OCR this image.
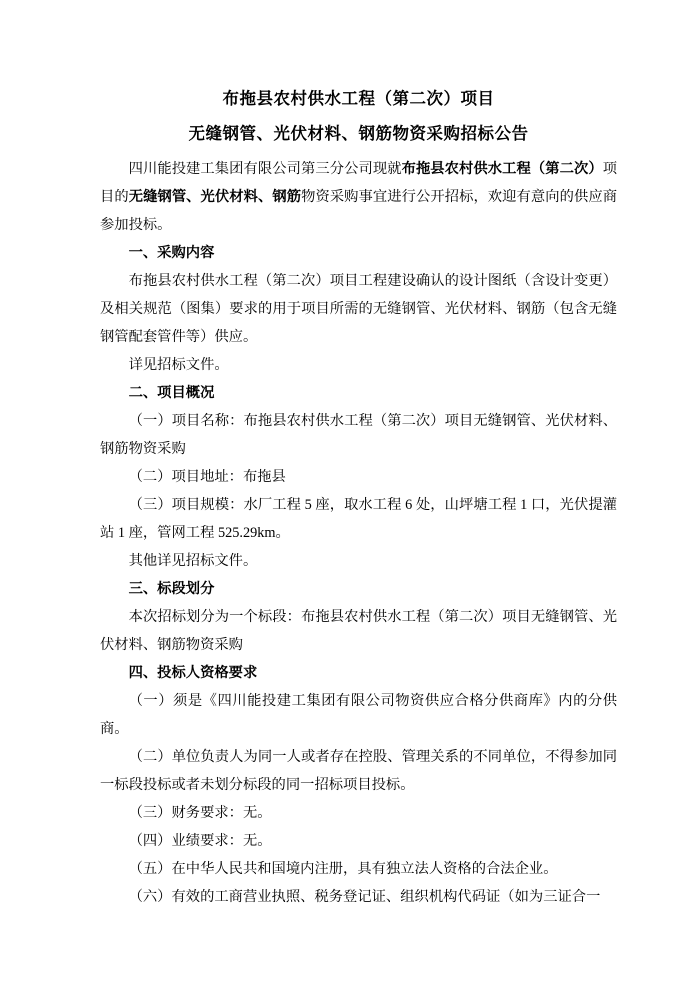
布拖县农村供水工程（第二次）项目
无缝钢管、光伏材料、钢筋物资采购招标公告

四川能投建工集团有限公司第三分公司现就布拖县农村供水工程（第二次）项目的无缝钢管、光伏材料、钢筋物资采购事宜进行公开招标，欢迎有意向的供应商参加投标。

一、采购内容

布拖县农村供水工程（第二次）项目工程建设确认的设计图纸（含设计变更）及相关规范（图集）要求的用于项目所需的无缝钢管、光伏材料、钢筋（包含无缝钢管配套管件等）供应。

详见招标文件。

二、项目概况

（一）项目名称：布拖县农村供水工程（第二次）项目无缝钢管、光伏材料、钢筋物资采购

（二）项目地址：布拖县

（三）项目规模：水厂工程 5 座，取水工程 6 处，山坪塘工程 1 口，光伏提灌站 1 座，管网工程 525.29km。

其他详见招标文件。

三、标段划分

本次招标划分为一个标段：布拖县农村供水工程（第二次）项目无缝钢管、光伏材料、钢筋物资采购

四、投标人资格要求

（一）须是《四川能投建工集团有限公司物资供应合格分供商库》内的分供商。

（二）单位负责人为同一人或者存在控股、管理关系的不同单位，不得参加同一标段投标或者未划分标段的同一招标项目投标。

（三）财务要求：无。

（四）业绩要求：无。

（五）在中华人民共和国境内注册，具有独立法人资格的合法企业。

（六）有效的工商营业执照、税务登记证、组织机构代码证（如为三证合一
